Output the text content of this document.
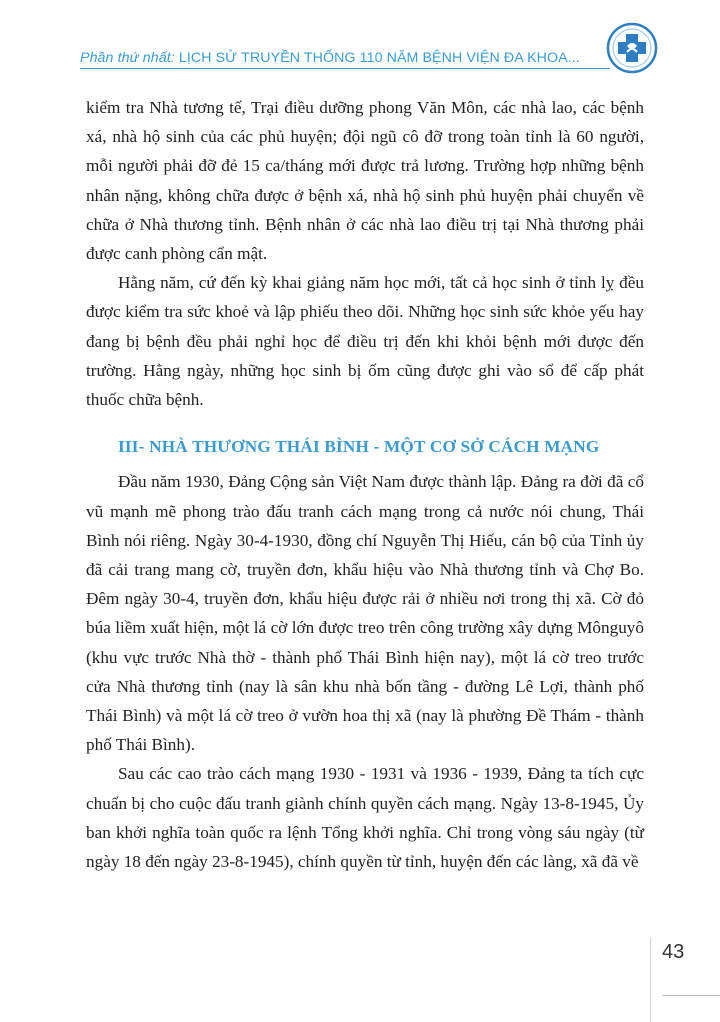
Phần thứ nhất: LỊCH SỬ TRUYỀN THỐNG 110 NĂM BỆNH VIỆN ĐA KHOA...

kiểm tra Nhà tương tế, Trại điều dưỡng phong Văn Môn, các nhà lao, các bệnh xá, nhà hộ sinh của các phủ huyện; đội ngũ cô đỡ trong toàn tỉnh là 60 người, mỗi người phải đỡ đẻ 15 ca/tháng mới được trả lương. Trường hợp những bệnh nhân nặng, không chữa được ở bệnh xá, nhà hộ sinh phủ huyện phải chuyển về chữa ở Nhà thương tỉnh. Bệnh nhân ở các nhà lao điều trị tại Nhà thương phải được canh phòng cẩn mật.

Hằng năm, cứ đến kỳ khai giảng năm học mới, tất cả học sinh ở tỉnh lỵ đều được kiểm tra sức khoẻ và lập phiếu theo dõi. Những học sinh sức khỏe yếu hay đang bị bệnh đều phải nghỉ học để điều trị đến khi khỏi bệnh mới được đến trường. Hằng ngày, những học sinh bị ốm cũng được ghi vào sổ để cấp phát thuốc chữa bệnh.

III- NHÀ THƯƠNG THÁI BÌNH - MỘT CƠ SỞ CÁCH MẠNG

Đầu năm 1930, Đảng Cộng sản Việt Nam được thành lập. Đảng ra đời đã cổ vũ mạnh mẽ phong trào đấu tranh cách mạng trong cả nước nói chung, Thái Bình nói riêng. Ngày 30-4-1930, đồng chí Nguyễn Thị Hiếu, cán bộ của Tỉnh ủy đã cải trang mang cờ, truyền đơn, khẩu hiệu vào Nhà thương tỉnh và Chợ Bo. Đêm ngày 30-4, truyền đơn, khẩu hiệu được rải ở nhiều nơi trong thị xã. Cờ đỏ búa liềm xuất hiện, một lá cờ lớn được treo trên công trường xây dựng Mônguyô (khu vực trước Nhà thờ - thành phố Thái Bình hiện nay), một lá cờ treo trước cửa Nhà thương tỉnh (nay là sân khu nhà bốn tầng - đường Lê Lợi, thành phố Thái Bình) và một lá cờ treo ở vườn hoa thị xã (nay là phường Đề Thám - thành phố Thái Bình).

Sau các cao trào cách mạng 1930 - 1931 và 1936 - 1939, Đảng ta tích cực chuẩn bị cho cuộc đấu tranh giành chính quyền cách mạng. Ngày 13-8-1945, Ủy ban khởi nghĩa toàn quốc ra lệnh Tổng khởi nghĩa. Chỉ trong vòng sáu ngày (từ ngày 18 đến ngày 23-8-1945), chính quyền từ tỉnh, huyện đến các làng, xã đã về

43
